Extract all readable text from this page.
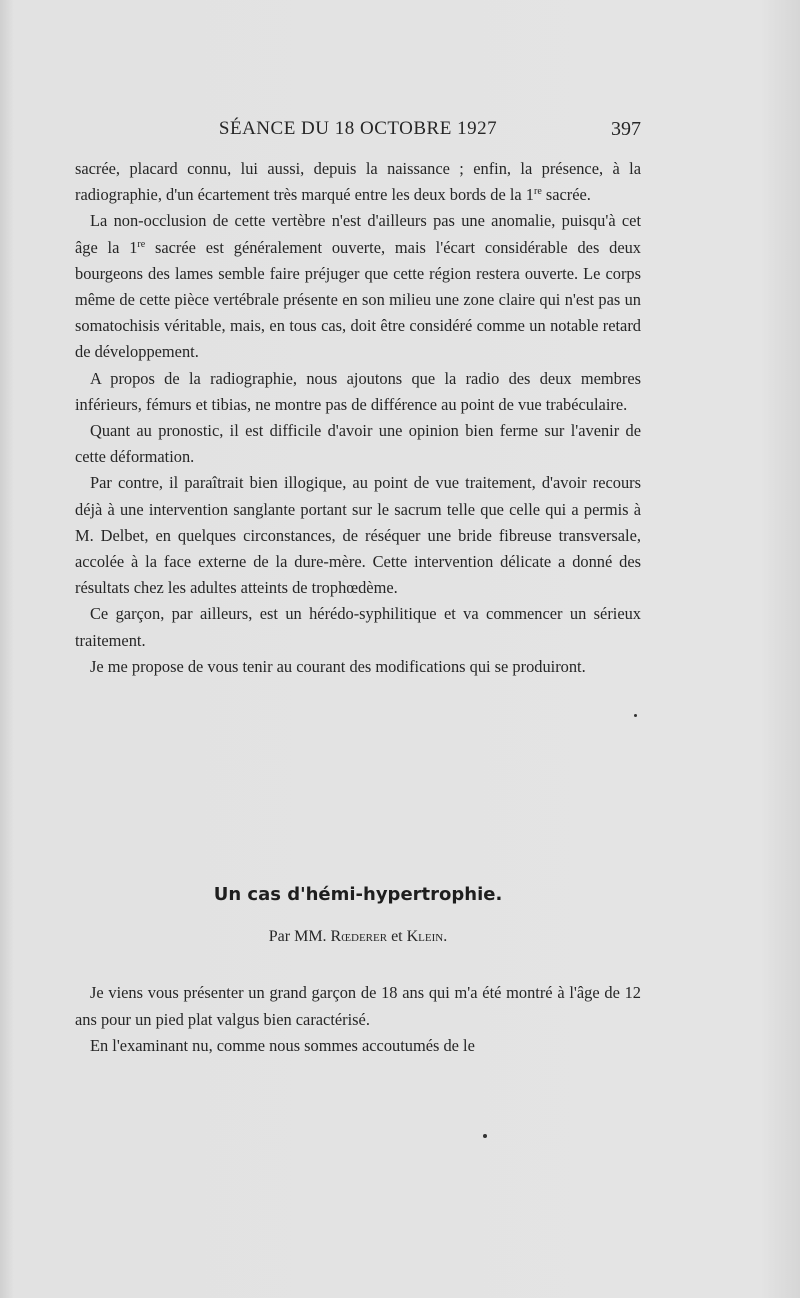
SÉANCE DU 18 OCTOBRE 1927	397

sacrée, placard connu, lui aussi, depuis la naissance ; enfin, la présence, à la radiographie, d'un écartement très marqué entre les deux bords de la 1re sacrée.

La non-occlusion de cette vertèbre n'est d'ailleurs pas une anomalie, puisqu'à cet âge la 1re sacrée est généralement ouverte, mais l'écart considérable des deux bourgeons des lames semble faire préjuger que cette région restera ouverte. Le corps même de cette pièce vertébrale présente en son milieu une zone claire qui n'est pas un somatochisis véritable, mais, en tous cas, doit être considéré comme un notable retard de développement.

A propos de la radiographie, nous ajoutons que la radio des deux membres inférieurs, fémurs et tibias, ne montre pas de différence au point de vue trabéculaire.

Quant au pronostic, il est difficile d'avoir une opinion bien ferme sur l'avenir de cette déformation.

Par contre, il paraîtrait bien illogique, au point de vue traitement, d'avoir recours déjà à une intervention sanglante portant sur le sacrum telle que celle qui a permis à M. Delbet, en quelques circonstances, de réséquer une bride fibreuse transversale, accolée à la face externe de la dure-mère. Cette intervention délicate a donné des résultats chez les adultes atteints de trophœdème.

Ce garçon, par ailleurs, est un hérédo-syphilitique et va commencer un sérieux traitement.

Je me propose de vous tenir au courant des modifications qui se produiront.

Un cas d'hémi-hypertrophie.
Par MM. Rœderer et Klein.

Je viens vous présenter un grand garçon de 18 ans qui m'a été montré à l'âge de 12 ans pour un pied plat valgus bien caractérisé.

En l'examinant nu, comme nous sommes accoutumés de le
